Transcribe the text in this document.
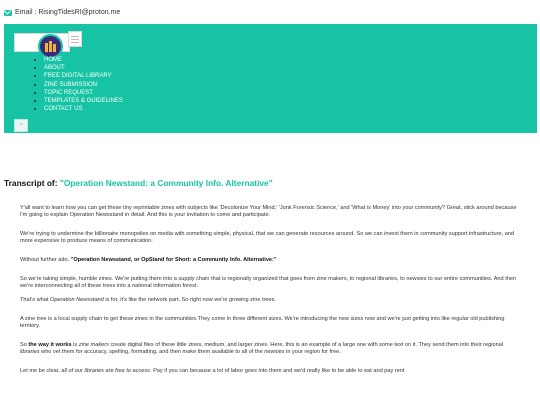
Email : RisingTidesRI@proton.me
HOME
ABOUT
FREE DIGITAL LIBRARY
ZINE SUBMISSION
TOPIC REQUEST
TEMPLATES & GUIDELINES
CONTACT US
⌃
Transcript of: "Operation Newstand: a Community Info. Alternative"

Y'all want to learn how you can get these tiny reprintable zines with subjects like 'Decolonize Your Mind,' 'Junk Forensic Science,' and 'What is Money' into your community? Great, stick around because I'm going to explain Operation Newsstand in detail. And this is your invitation to come and participate.

We're trying to undermine the billionaire monopolies on media with something simple, physical, that we can generate resources around. So we can invest them in community support infrastructure, and more expensive to produce means of communication.

Without further ado, "Operation Newsstand, or OpStand for Short: a Community Info. Alternative:"

So we're taking simple, humble zines. We're putting them into a supply chain that is regionally organized that goes from zine makers, to regional libraries, to newsies to our entire communities. And then we're interconnecting all of these trees into a national information forest.

That's what Operation Newsstand is for, it's like the network part. So right now we're growing zine trees.

A zine tree is a local supply chain to get these zines in the communities.They come in three different sizes. We're introducing the new sizes now and we're just getting into like regular old publishing territory.

So the way it works is zine makers create digital files of these little zines, medium, and larger zines. Here, this is an example of a large one with some text on it. They send them into their regional libraries who vet them for accuracy, spelling, formatting, and then make them available to all of the newsies in your region for free.

Let me be clear, all of our libraries are free to access. Pay if you can because a lot of labor goes into them and we'd really like to be able to eat and pay rent
